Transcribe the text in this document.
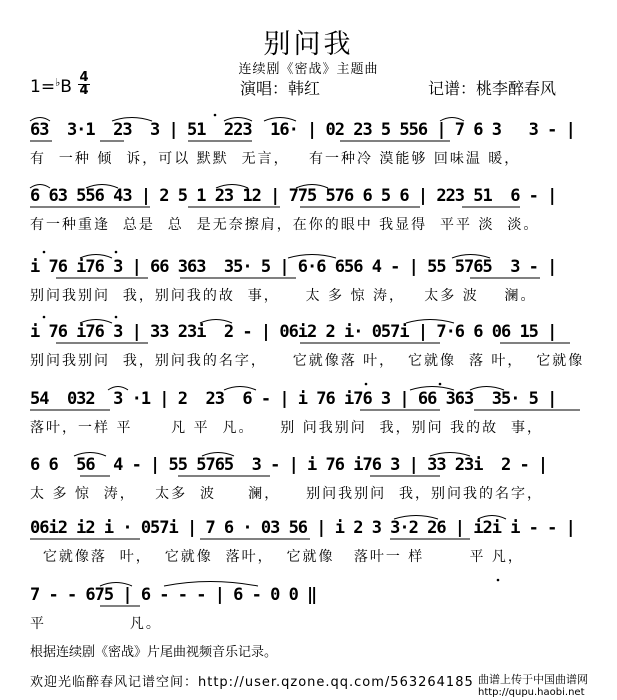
别问我
连续剧《密战》主题曲
1=♭B 4
4	演唱：韩红	记谱：桃李醉春风
63  3·1  23  3 | 51  223  16· | 02 23 5 556 | 7 6 3   3 - |
有  一种 倾  诉，可以 默默  无言，   有一种冷 漠能够 回味温 暖，
6 63 556 43 | 2 5 1 23 12 | 775 576 6 5 6 | 223 51  6 - |
有一种重逢  总是  总  是无奈擦肩，在你的眼中 我显得  平平 淡  淡。
i 76 i76 3 | 66 363  35· 5 | 6·6 656 4 - | 55 5765  3 - |
别问我别问  我，别问我的故  事，    太 多 惊 涛，   太多 波    澜。
i 76 i76 3 | 33 23i  2 - | 06i2 2 i· 057i | 7·6 6 06 15 |
别问我别问  我，别问我的名字，    它就像落 叶，  它就像  落 叶，  它就像
54  032  3 ·1 | 2  23  6 - | i 76 i76 3 | 66 363  35· 5 |
落叶，一样 平      凡 平  凡。    别 问我别问  我，别问 我的故  事，
6 6  56  4 - | 55 5765  3 - | i 76 i76 3 | 33 23i  2 - |
太 多 惊  涛，   太多  波     澜，    别问我别问  我，别问我的名字，
06i2 i2 i · 057i | 7 6 · 03 56 | i 2 3 3·2 26 | i2i i - - |
它就像落  叶，  它就像  落叶，  它就像   落叶一 样       平 凡，
7 - - 675 | 6 - - - | 6 - 0 0 ‖
平             凡。
根据连续剧《密战》片尾曲视频音乐记录。
欢迎光临醉春风记谱空间：http://user.qzone.qq.com/563264185 曲谱上传于中国曲谱网
http://qupu.haobi.net
